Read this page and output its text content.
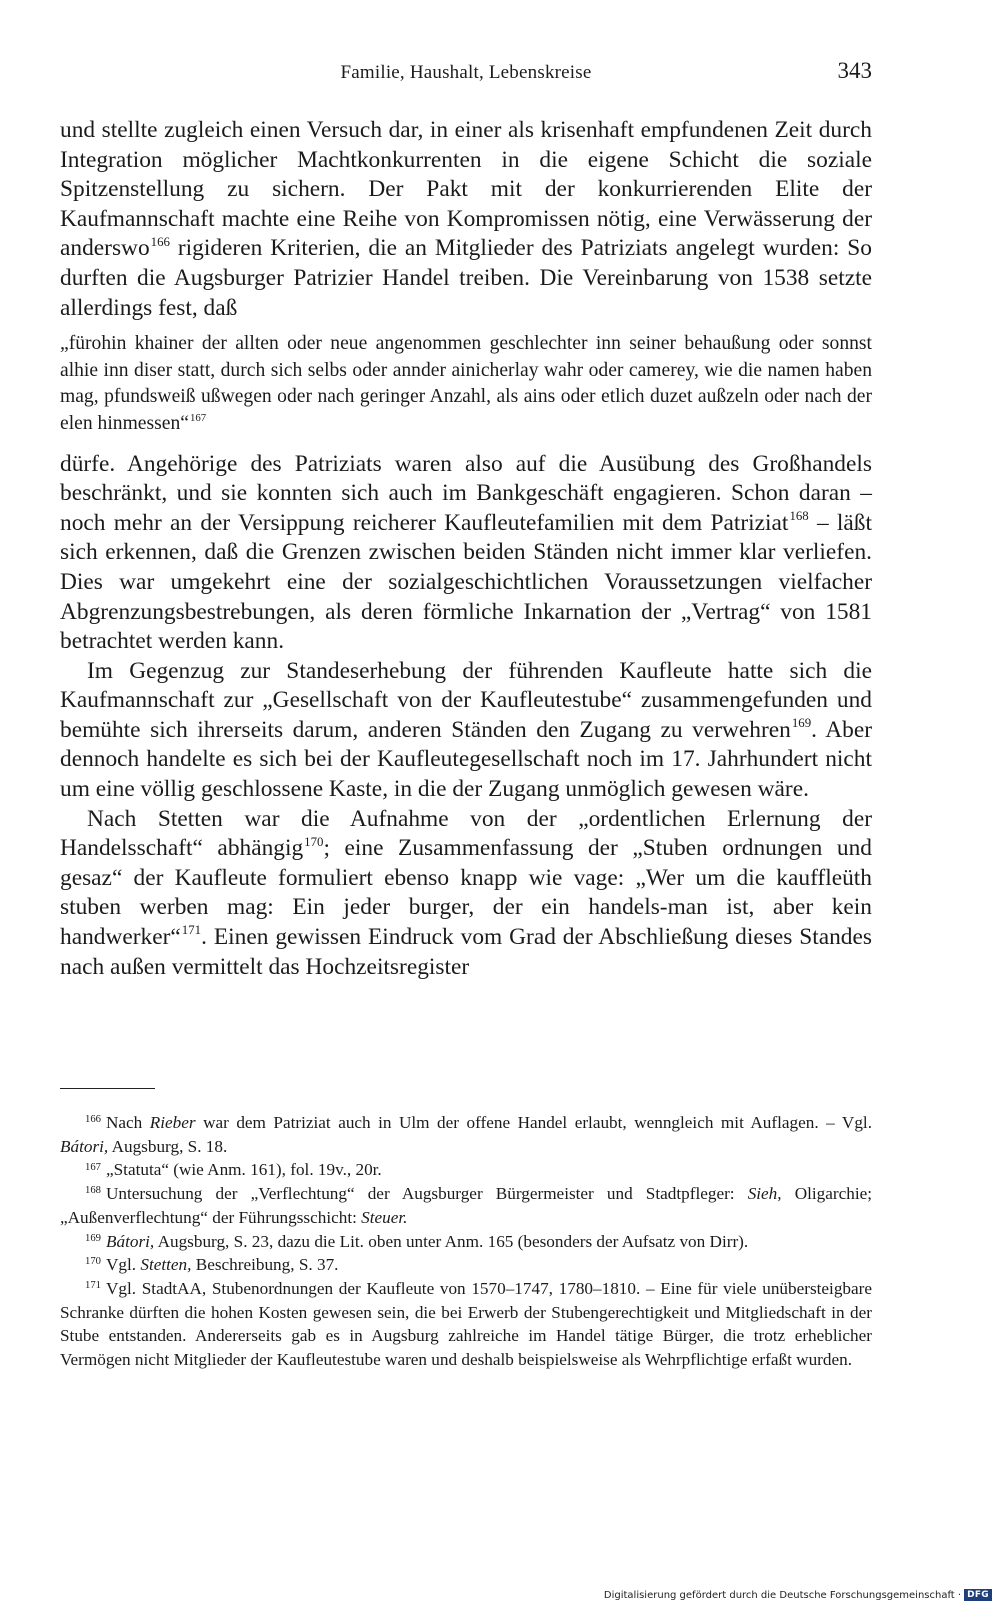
Familie, Haushalt, Lebenskreise	343

und stellte zugleich einen Versuch dar, in einer als krisenhaft empfundenen Zeit durch Integration möglicher Machtkonkurrenten in die eigene Schicht die soziale Spitzenstellung zu sichern. Der Pakt mit der konkurrierenden Elite der Kaufmannschaft machte eine Reihe von Kompromissen nötig, eine Verwässerung der anderswo$^{166}$ rigideren Kriterien, die an Mitglieder des Patriziats angelegt wurden: So durften die Augsburger Patrizier Handel treiben. Die Vereinbarung von 1538 setzte allerdings fest, daß

„fürohin khainer der allten oder neue angenommen geschlechter inn seiner behaußung oder sonnst alhie inn diser statt, durch sich selbs oder annder ainicherlay wahr oder camerey, wie die namen haben mag, pfundsweiß ußwegen oder nach geringer Anzahl, als ains oder etlich duzet außzeln oder nach der elen hinmessen“$^{167}$

dürfe. Angehörige des Patriziats waren also auf die Ausübung des Großhandels beschränkt, und sie konnten sich auch im Bankgeschäft engagieren. Schon daran – noch mehr an der Versippung reicherer Kaufleutefamilien mit dem Patriziat$^{168}$ – läßt sich erkennen, daß die Grenzen zwischen beiden Ständen nicht immer klar verliefen. Dies war umgekehrt eine der sozialgeschichtlichen Voraussetzungen vielfacher Abgrenzungsbestrebungen, als deren förmliche Inkarnation der „Vertrag“ von 1581 betrachtet werden kann.

Im Gegenzug zur Standeserhebung der führenden Kaufleute hatte sich die Kaufmannschaft zur „Gesellschaft von der Kaufleutestube“ zusammengefunden und bemühte sich ihrerseits darum, anderen Ständen den Zugang zu verwehren$^{169}$. Aber dennoch handelte es sich bei der Kaufleutegesellschaft noch im 17. Jahrhundert nicht um eine völlig geschlossene Kaste, in die der Zugang unmöglich gewesen wäre.

Nach Stetten war die Aufnahme von der „ordentlichen Erlernung der Handelsschaft“ abhängig$^{170}$; eine Zusammenfassung der „Stuben ordnungen und gesaz“ der Kaufleute formuliert ebenso knapp wie vage: „Wer um die kauffleüth stuben werben mag: Ein jeder burger, der ein handels-man ist, aber kein handwerker“$^{171}$. Einen gewissen Eindruck vom Grad der Abschließung dieses Standes nach außen vermittelt das Hochzeitsregister

$^{166}$ Nach Rieber war dem Patriziat auch in Ulm der offene Handel erlaubt, wenngleich mit Auflagen. – Vgl. Bátori, Augsburg, S. 18.

$^{167}$ „Statuta“ (wie Anm. 161), fol. 19v., 20r.

$^{168}$ Untersuchung der „Verflechtung“ der Augsburger Bürgermeister und Stadtpfleger: Sieh, Oligarchie; „Außenverflechtung“ der Führungsschicht: Steuer.

$^{169}$ Bátori, Augsburg, S. 23, dazu die Lit. oben unter Anm. 165 (besonders der Aufsatz von Dirr).

$^{170}$ Vgl. Stetten, Beschreibung, S. 37.

$^{171}$ Vgl. StadtAA, Stubenordnungen der Kaufleute von 1570–1747, 1780–1810. – Eine für viele unübersteigbare Schranke dürften die hohen Kosten gewesen sein, die bei Erwerb der Stubengerechtigkeit und Mitgliedschaft in der Stube entstanden. Andererseits gab es in Augsburg zahlreiche im Handel tätige Bürger, die trotz erheblicher Vermögen nicht Mitglieder der Kaufleutestube waren und deshalb beispielsweise als Wehrpflichtige erfaßt wurden.

Digitalisierung gefördert durch die Deutsche Forschungsgemeinschaft · DFG
